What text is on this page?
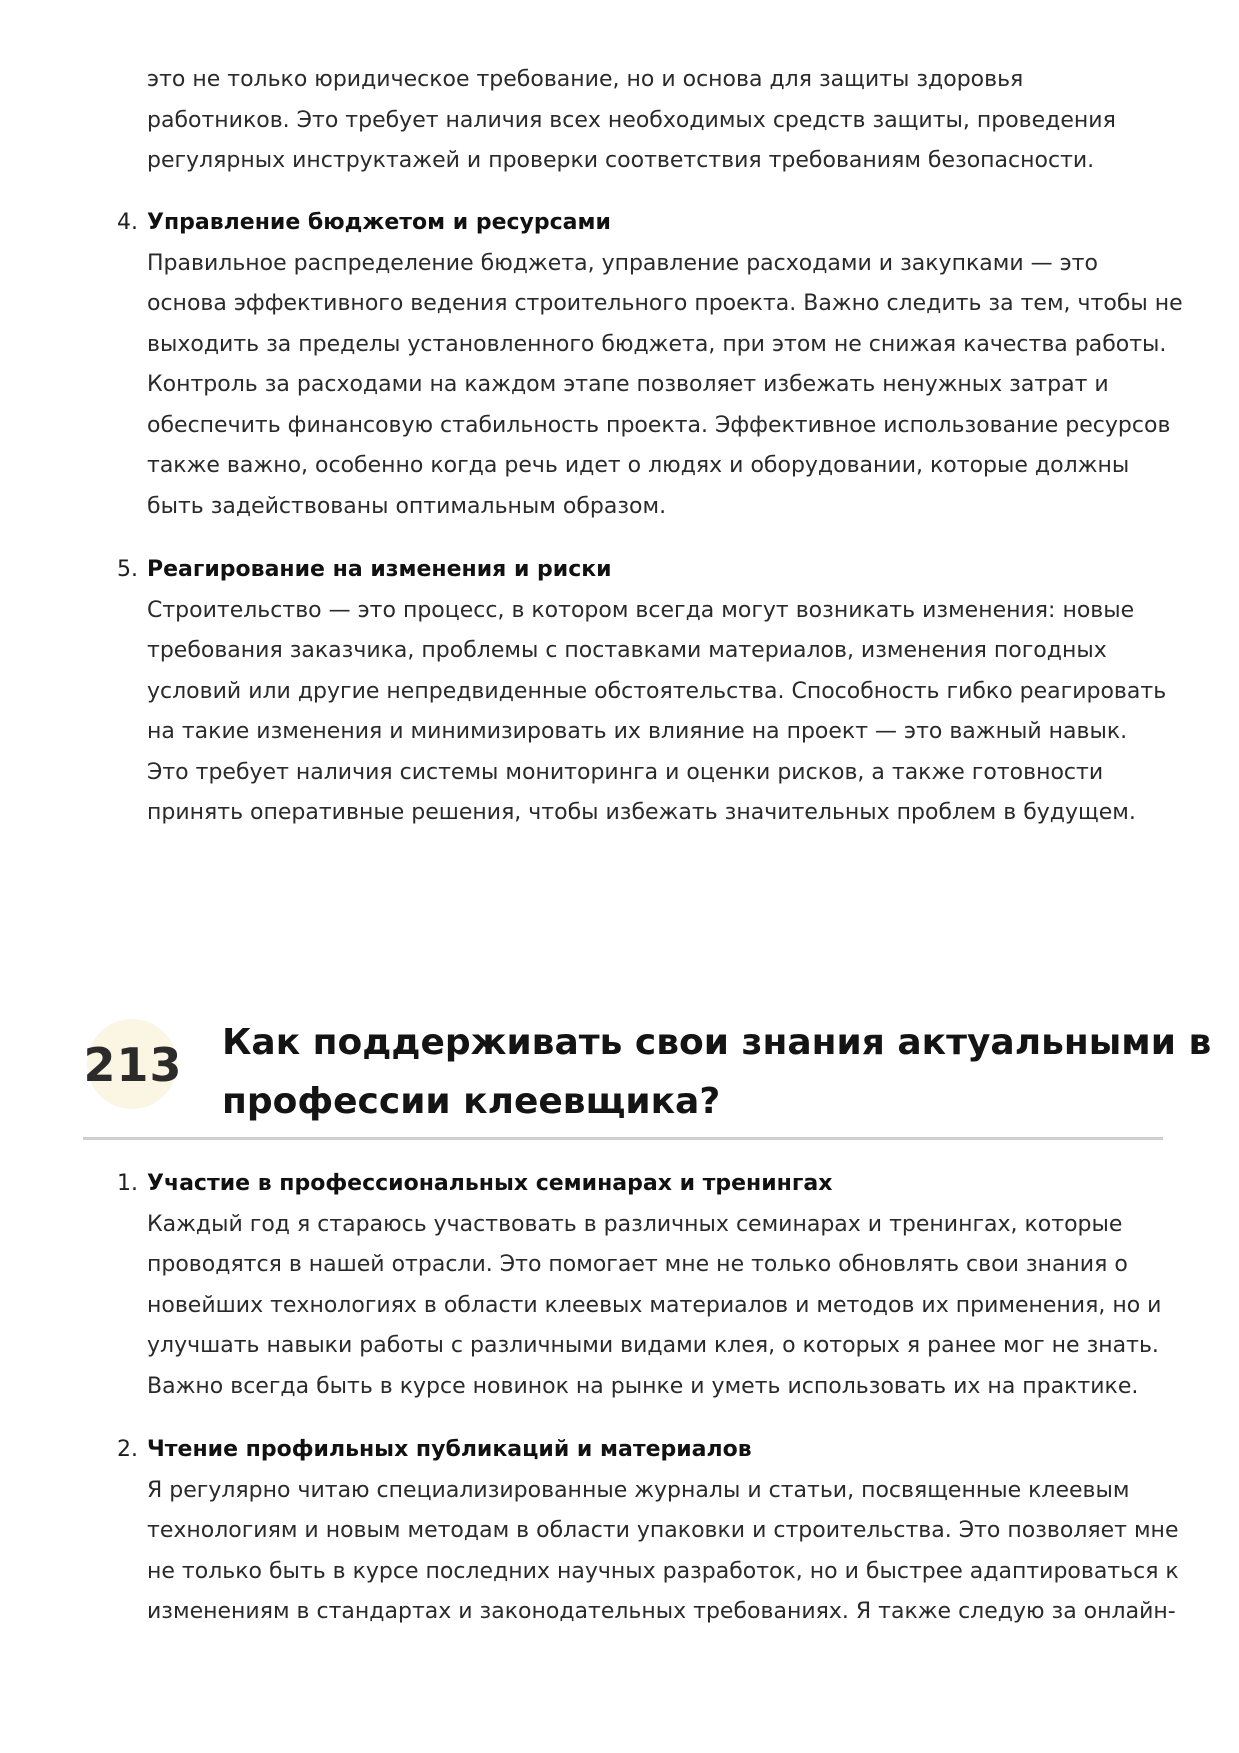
это не только юридическое требование, но и основа для защиты здоровья
работников. Это требует наличия всех необходимых средств защиты, проведения
регулярных инструктажей и проверки соответствия требованиям безопасности.
4. Управление бюджетом и ресурсами
Правильное распределение бюджета, управление расходами и закупками — это
основа эффективного ведения строительного проекта. Важно следить за тем, чтобы не
выходить за пределы установленного бюджета, при этом не снижая качества работы.
Контроль за расходами на каждом этапе позволяет избежать ненужных затрат и
обеспечить финансовую стабильность проекта. Эффективное использование ресурсов
также важно, особенно когда речь идет о людях и оборудовании, которые должны
быть задействованы оптимальным образом.
5. Реагирование на изменения и риски
Строительство — это процесс, в котором всегда могут возникать изменения: новые
требования заказчика, проблемы с поставками материалов, изменения погодных
условий или другие непредвиденные обстоятельства. Способность гибко реагировать
на такие изменения и минимизировать их влияние на проект — это важный навык.
Это требует наличия системы мониторинга и оценки рисков, а также готовности
принять оперативные решения, чтобы избежать значительных проблем в будущем.
213 Как поддерживать свои знания актуальными в
профессии клеевщика?
1. Участие в профессиональных семинарах и тренингах
Каждый год я стараюсь участвовать в различных семинарах и тренингах, которые
проводятся в нашей отрасли. Это помогает мне не только обновлять свои знания о
новейших технологиях в области клеевых материалов и методов их применения, но и
улучшать навыки работы с различными видами клея, о которых я ранее мог не знать.
Важно всегда быть в курсе новинок на рынке и уметь использовать их на практике.
2. Чтение профильных публикаций и материалов
Я регулярно читаю специализированные журналы и статьи, посвященные клеевым
технологиям и новым методам в области упаковки и строительства. Это позволяет мне
не только быть в курсе последних научных разработок, но и быстрее адаптироваться к
изменениям в стандартах и законодательных требованиях. Я также следую за онлайн-
